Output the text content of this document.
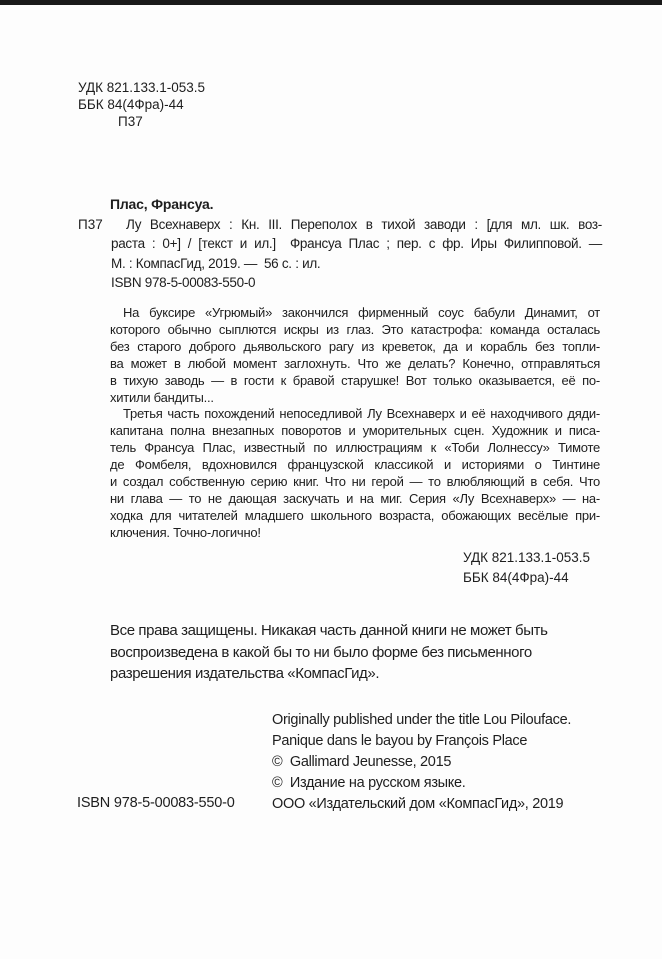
УДК 821.133.1-053.5
ББК 84(4Фра)-44
П37
Плас, Франсуа.
П37	Лу Всехнаверх : Кн. III. Переполох в тихой заводи : [для мл. шк. воз-
раста : 0+] / [текст и ил.]  Франсуа Плас ; пер. с фр. Иры Филипповой. —
М. : КомпасГид, 2019. —  56 с. : ил.
ISBN 978-5-00083-550-0
На буксире «Угрюмый» закончился фирменный соус бабули Динамит, от
которого обычно сыплются искры из глаз. Это катастрофа: команда осталась
без старого доброго дьявольского рагу из креветок, да и корабль без топли-
ва может в любой момент заглохнуть. Что же делать? Конечно, отправляться
в тихую заводь — в гости к бравой старушке! Вот только оказывается, её по-
хитили бандиты...
Третья часть похождений непоседливой Лу Всехнаверх и её находчивого дяди-
капитана полна внезапных поворотов и уморительных сцен. Художник и писа-
тель Франсуа Плас, известный по иллюстрациям к «Тоби Лолнессу» Тимоте
де Фомбеля, вдохновился французской классикой и историями о Тинтине
и создал собственную серию книг. Что ни герой — то влюбляющий в себя. Что
ни глава — то не дающая заскучать и на миг. Серия «Лу Всехнаверх» — на-
ходка для читателей младшего школьного возраста, обожающих весёлые при-
ключения. Точно-логично!
УДК 821.133.1-053.5
ББК 84(4Фра)-44
Все права защищены. Никакая часть данной книги не может быть
воспроизведена в какой бы то ни было форме без письменного
разрешения издательства «КомпасГид».
Originally published under the title Lou Pilouface.
Panique dans le bayou by François Place
©  Gallimard Jeunesse, 2015
©  Издание на русском языке.
ООО «Издательский дом «КомпасГид», 2019
ISBN 978-5-00083-550-0
